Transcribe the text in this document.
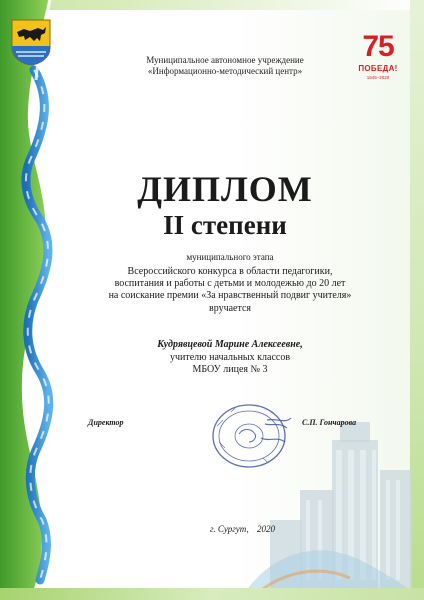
75
ПОБЕДА!
1945–2020
Муниципальное автономное учреждение
«Информационно-методический центр»
ДИПЛОМ
II степени
муниципального этапа
Всероссийского конкурса в области педагогики,
воспитания и работы с детьми и молодежью до 20 лет
на соискание премии «За нравственный подвиг учителя»
вручается
Кудрявцевой Марине Алексеевне,
учителю начальных классов
МБОУ лицея № 3
Директор	С.П. Гончарова
г. Сургут, 2020
